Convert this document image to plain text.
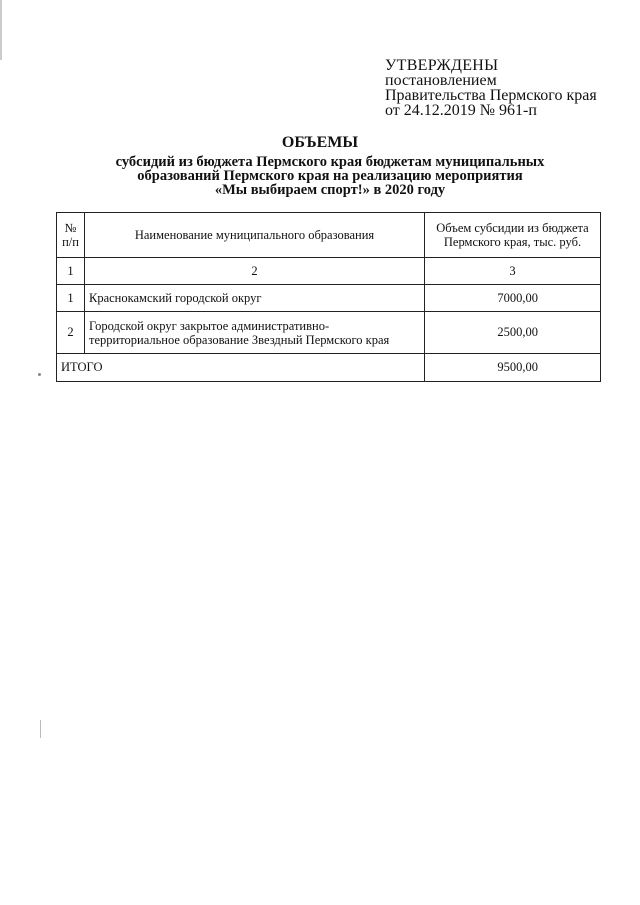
УТВЕРЖДЕНЫ
постановлением
Правительства Пермского края
от 24.12.2019 № 961-п
ОБЪЕМЫ
субсидий из бюджета Пермского края бюджетам муниципальных
образований Пермского края на реализацию мероприятия
«Мы выбираем спорт!» в 2020 году
№ п/п	Наименование муниципального образования	Объем субсидии из бюджета Пермского края, тыс. руб.
1	2	3
1	Краснокамский городской округ	7000,00
2	Городской округ закрытое административно-территориальное образование Звездный Пермского края	2500,00
ИТОГО		9500,00
